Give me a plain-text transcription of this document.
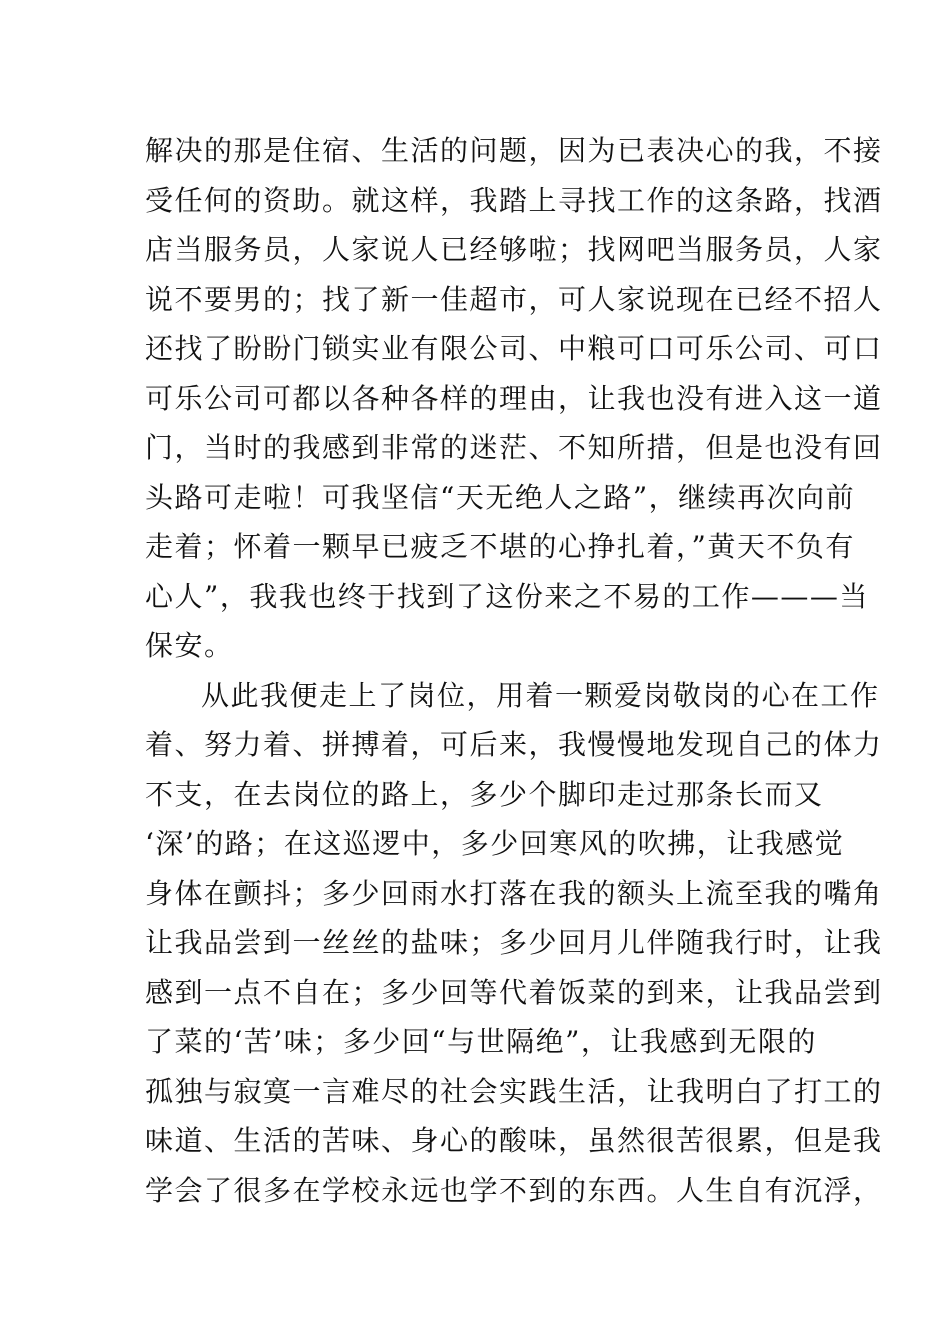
解决的那是住宿、生活的问题，因为已表决心的我，不接
受任何的资助。就这样，我踏上寻找工作的这条路，找酒
店当服务员，人家说人已经够啦；找网吧当服务员，人家
说不要男的；找了新一佳超市，可人家说现在已经不招人
还找了盼盼门锁实业有限公司、中粮可口可乐公司、可口
可乐公司可都以各种各样的理由，让我也没有进入这一道
门，当时的我感到非常的迷茫、不知所措，但是也没有回
头路可走啦！可我坚信“天无绝人之路”，继续再次向前
走着；怀着一颗早已疲乏不堪的心挣扎着，”黄天不负有
心人”，我我也终于找到了这份来之不易的工作———当
保安。
从此我便走上了岗位，用着一颗爱岗敬岗的心在工作
着、努力着、拼搏着，可后来，我慢慢地发现自己的体力
不支，在去岗位的路上，多少个脚印走过那条长而又
‘深’的路；在这巡逻中，多少回寒风的吹拂，让我感觉
身体在颤抖；多少回雨水打落在我的额头上流至我的嘴角
让我品尝到一丝丝的盐味；多少回月儿伴随我行时，让我
感到一点不自在；多少回等代着饭菜的到来，让我品尝到
了菜的‘苦’味；多少回“与世隔绝”，让我感到无限的
孤独与寂寞一言难尽的社会实践生活，让我明白了打工的
味道、生活的苦味、身心的酸味，虽然很苦很累，但是我
学会了很多在学校永远也学不到的东西。人生自有沉浮，
